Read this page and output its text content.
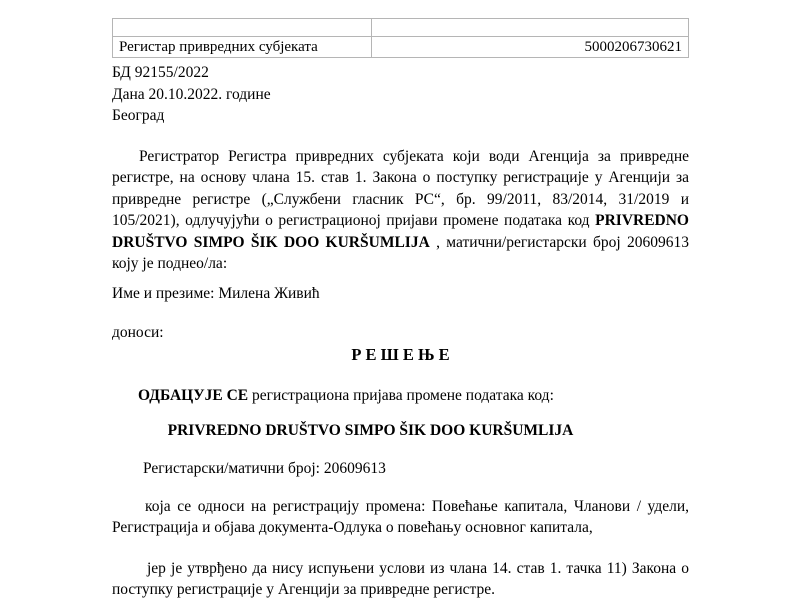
Регистар привредних субјеката	5000206730621
БД 92155/2022
Дана 20.10.2022. године
Београд

Регистратор Регистра привредних субјеката који води Агенција за привредне регистре, на основу члана 15. став 1. Закона о поступку регистрације у Агенцији за привредне регистре („Службени гласник РС“, бр. 99/2011, 83/2014, 31/2019 и 105/2021), одлучујући о регистрационој пријави промене података код PRIVREDNO DRUŠTVO SIMPO ŠIK DOO KURŠUMLIJA , матични/регистарски број 20609613 коју је поднео/ла:

Име и презиме: Милена Живић

доноси:

Р Е Ш Е Њ Е

ОДБАЦУЈЕ СЕ регистрациона пријава промене података код:

PRIVREDNO DRUŠTVO SIMPO ŠIK DOO KURŠUMLIJA

Регистарски/матични број: 20609613

која се односи на регистрацију промена: Повећање капитала, Чланови / удели, Регистрација и објава документа-Одлука о повећању основног капитала,

јер је утврђено да нису испуњени услови из члана 14. став 1. тачка 11) Закона о поступку регистрације у Агенцији за привредне регистре.
